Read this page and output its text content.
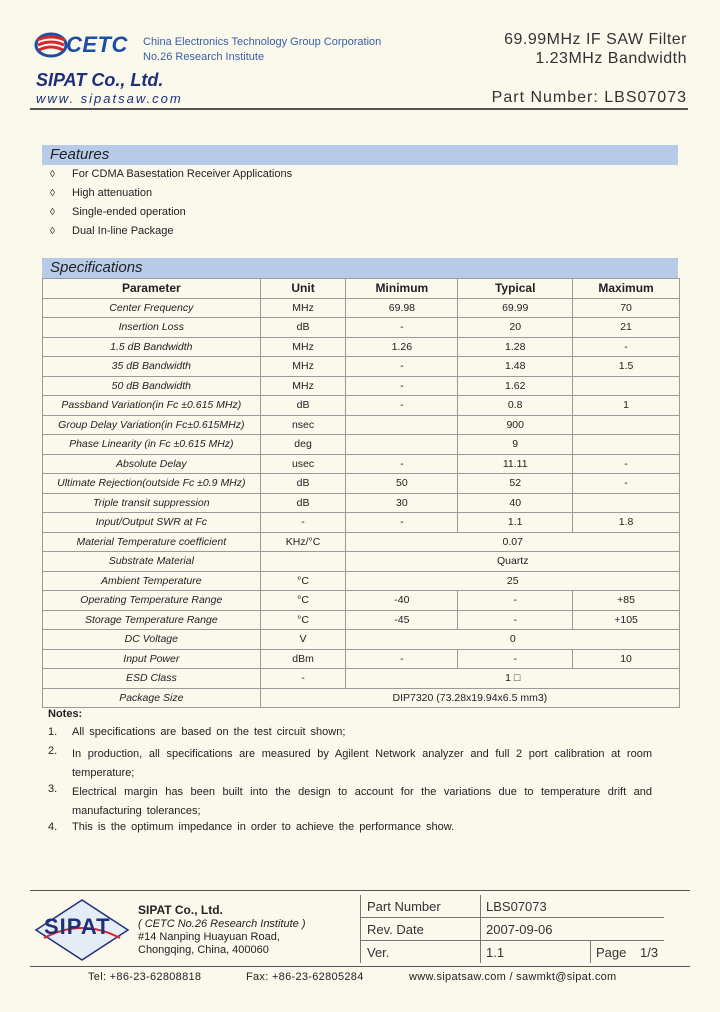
CETC China Electronics Technology Group Corporation
No.26 Research Institute
SIPAT Co., Ltd.
www. sipatsaw.com
69.99MHz IF SAW Filter
1.23MHz Bandwidth
Part Number: LBS07073
Features
◊ For CDMA Basestation Receiver Applications
◊ High attenuation
◊ Single-ended operation
◊ Dual In-line Package
Specifications
Parameter	Unit	Minimum	Typical	Maximum
Center Frequency	MHz	69.98	69.99	70
Insertion Loss	dB	-	20	21
1.5 dB Bandwidth	MHz	1.26	1.28	-
35 dB Bandwidth	MHz	-	1.48	1.5
50 dB Bandwidth	MHz	-	1.62	
Passband Variation(in Fc ±0.615 MHz)	dB	-	0.8	1
Group Delay Variation(in Fc±0.615MHz)	nsec		900	
Phase Linearity (in Fc ±0.615 MHz)	deg		9	
Absolute Delay	usec	-	11.11	-
Ultimate Rejection(outside Fc ±0.9 MHz)	dB	50	52	-
Triple transit suppression	dB	30	40	
Input/Output SWR at Fc	-	-	1.1	1.8
Material Temperature coefficient	KHz/°C	0.07		
Substrate Material		Quartz		
Ambient Temperature	°C	25		
Operating Temperature Range	°C	-40	-	+85
Storage Temperature Range	°C	-45	-	+105
DC Voltage	V	0		
Input Power	dBm	-	-	10
ESD Class	-	1 □		
Package Size	DIP7320 (73.28x19.94x6.5 mm3)			
Notes:
1. All specifications are based on the test circuit shown;
2. In production, all specifications are measured by Agilent Network analyzer and full 2 port calibration at room temperature;
3. Electrical margin has been built into the design to account for the variations due to temperature drift and manufacturing tolerances;
4. This is the optimum impedance in order to achieve the performance show.
SIPAT
SIPAT Co., Ltd.
( CETC No.26 Research Institute )
#14 Nanping Huayuan Road,
Chongqing, China, 400060
Part Number	LBS07073
Rev. Date	2007-09-06
Ver.	1.1	Page 1/3
Tel: +86-23-62808818	Fax: +86-23-62805284	www.sipatsaw.com / sawmkt@sipat.com
